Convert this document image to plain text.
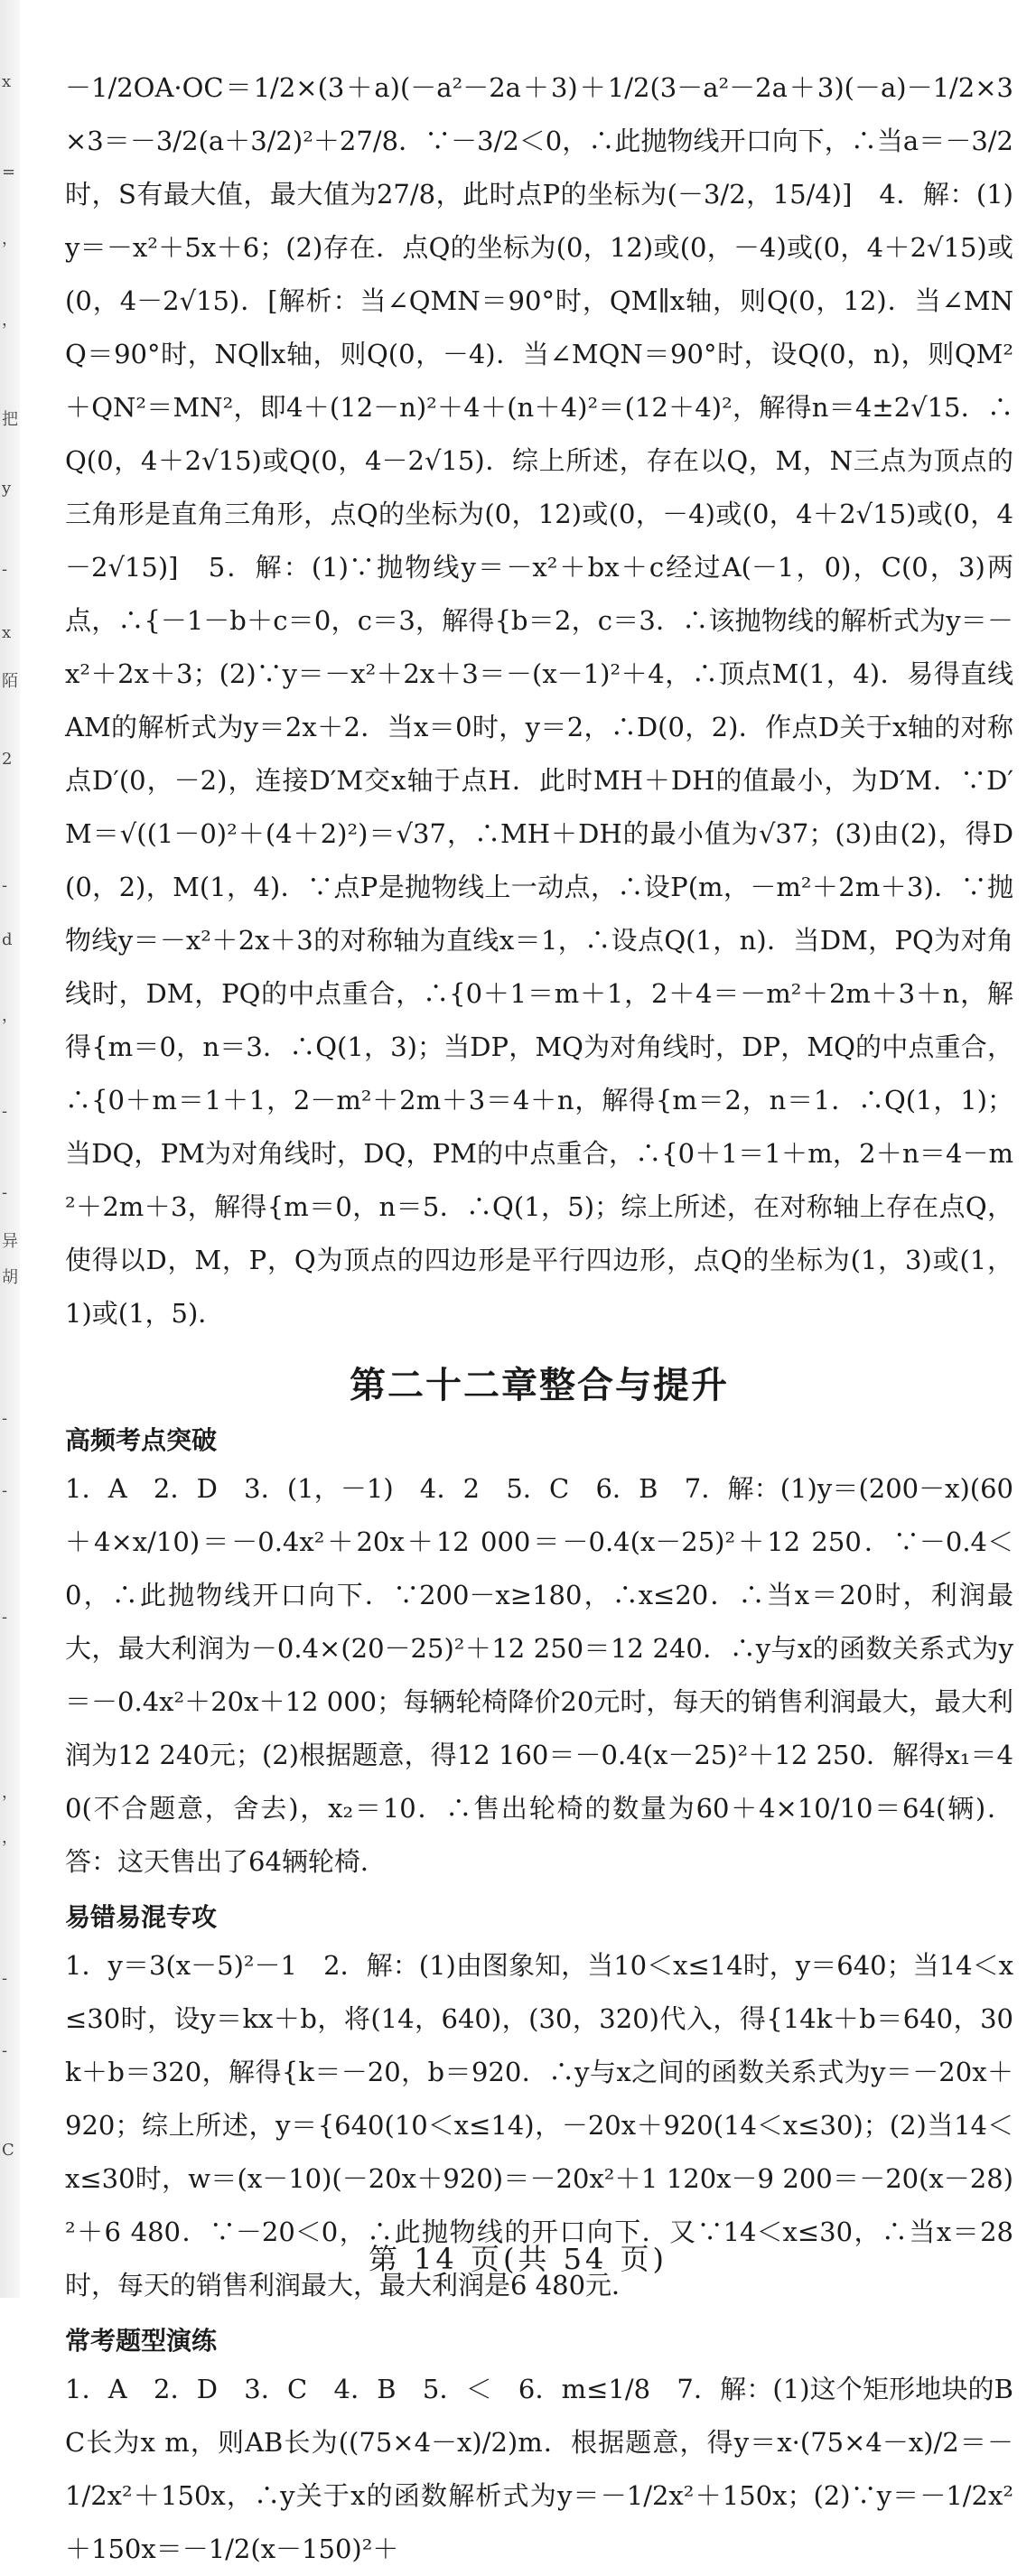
x
=
，
，
把
y
-
x
陌
2
-
d
，
-
-
异
胡
-
-
-
，
，
-
-
C

－1/2OA·OC＝1/2×(3＋a)(－a²－2a＋3)＋1/2(3－a²－2a＋3)(－a)－1/2×3×3＝－3/2(a＋3/2)²＋27/8．∵－3/2＜0，∴此抛物线开口向下，∴当a＝－3/2时，S有最大值，最大值为27/8，此时点P的坐标为(－3/2，15/4)]　4．解：(1)y＝－x²＋5x＋6；(2)存在．点Q的坐标为(0，12)或(0，－4)或(0，4＋2√15)或(0，4－2√15)．[解析：当∠QMN＝90°时，QM∥x轴，则Q(0，12)．当∠MNQ＝90°时，NQ∥x轴，则Q(0，－4)．当∠MQN＝90°时，设Q(0，n)，则QM²＋QN²＝MN²，即4＋(12－n)²＋4＋(n＋4)²＝(12＋4)²，解得n＝4±2√15．∴Q(0，4＋2√15)或Q(0，4－2√15)．综上所述，存在以Q，M，N三点为顶点的三角形是直角三角形，点Q的坐标为(0，12)或(0，－4)或(0，4＋2√15)或(0，4－2√15)]　5．解：(1)∵抛物线y＝－x²＋bx＋c经过A(－1，0)，C(0，3)两点，∴{－1－b＋c＝0，c＝3，解得{b＝2，c＝3．∴该抛物线的解析式为y＝－x²＋2x＋3；(2)∵y＝－x²＋2x＋3＝－(x－1)²＋4，∴顶点M(1，4)．易得直线AM的解析式为y＝2x＋2．当x＝0时，y＝2，∴D(0，2)．作点D关于x轴的对称点D′(0，－2)，连接D′M交x轴于点H．此时MH＋DH的值最小，为D′M．∵D′M＝√((1－0)²＋(4＋2)²)＝√37，∴MH＋DH的最小值为√37；(3)由(2)，得D(0，2)，M(1，4)．∵点P是抛物线上一动点，∴设P(m，－m²＋2m＋3)．∵抛物线y＝－x²＋2x＋3的对称轴为直线x＝1，∴设点Q(1，n)．当DM，PQ为对角线时，DM，PQ的中点重合，∴{0＋1＝m＋1，2＋4＝－m²＋2m＋3＋n，解得{m＝0，n＝3．∴Q(1，3)；当DP，MQ为对角线时，DP，MQ的中点重合，∴{0＋m＝1＋1，2－m²＋2m＋3＝4＋n，解得{m＝2，n＝1．∴Q(1，1)；当DQ，PM为对角线时，DQ，PM的中点重合，∴{0＋1＝1＋m，2＋n＝4－m²＋2m＋3，解得{m＝0，n＝5．∴Q(1，5)；综上所述，在对称轴上存在点Q，使得以D，M，P，Q为顶点的四边形是平行四边形，点Q的坐标为(1，3)或(1，1)或(1，5)．

第二十二章整合与提升
高频考点突破

1．A　2．D　3．(1，－1)　4．2　5．C　6．B　7．解：(1)y＝(200－x)(60＋4×x/10)＝－0.4x²＋20x＋12 000＝－0.4(x－25)²＋12 250．∵－0.4＜0，∴此抛物线开口向下．∵200－x≥180，∴x≤20．∴当x＝20时，利润最大，最大利润为－0.4×(20－25)²＋12 250＝12 240．∴y与x的函数关系式为y＝－0.4x²＋20x＋12 000；每辆轮椅降价20元时，每天的销售利润最大，最大利润为12 240元；(2)根据题意，得12 160＝－0.4(x－25)²＋12 250．解得x₁＝40(不合题意，舍去)，x₂＝10．∴售出轮椅的数量为60＋4×10/10＝64(辆)．答：这天售出了64辆轮椅．

易错易混专攻

1．y＝3(x－5)²－1　2．解：(1)由图象知，当10＜x≤14时，y＝640；当14＜x≤30时，设y＝kx＋b，将(14，640)，(30，320)代入，得{14k＋b＝640，30k＋b＝320，解得{k＝－20，b＝920．∴y与x之间的函数关系式为y＝－20x＋920；综上所述，y＝{640(10＜x≤14)，－20x＋920(14＜x≤30)；(2)当14＜x≤30时，w＝(x－10)(－20x＋920)＝－20x²＋1 120x－9 200＝－20(x－28)²＋6 480．∵－20＜0，∴此抛物线的开口向下．又∵14＜x≤30，∴当x＝28时，每天的销售利润最大，最大利润是6 480元．

常考题型演练

1．A　2．D　3．C　4．B　5．＜　6．m≤1/8　7．解：(1)这个矩形地块的BC长为x m，则AB长为((75×4－x)/2)m．根据题意，得y＝x·(75×4－x)/2＝－1/2x²＋150x，∴y关于x的函数解析式为y＝－1/2x²＋150x；(2)∵y＝－1/2x²＋150x＝－1/2(x－150)²＋

第 14 页(共 54 页)
